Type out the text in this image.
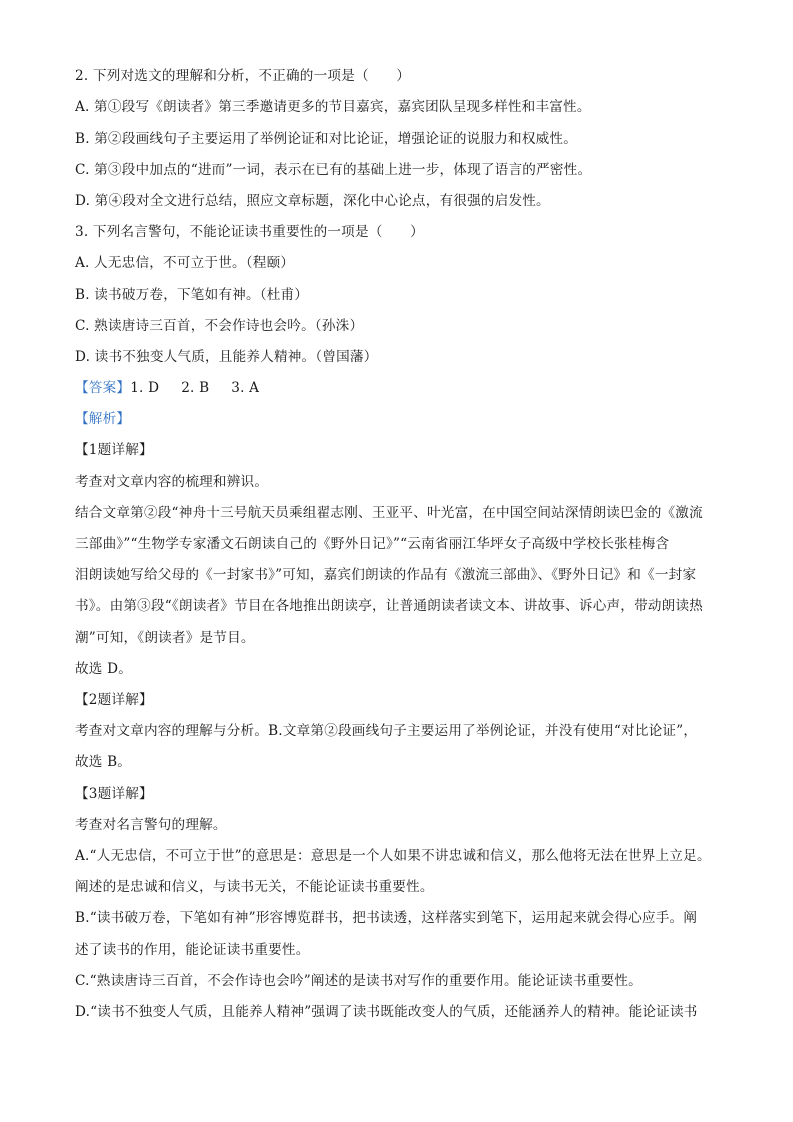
2. 下列对选文的理解和分析，不正确的一项是（　　）
A. 第①段写《朗读者》第三季邀请更多的节目嘉宾，嘉宾团队呈现多样性和丰富性。
B. 第②段画线句子主要运用了举例论证和对比论证，增强论证的说服力和权威性。
C. 第③段中加点的“进而”一词，表示在已有的基础上进一步，体现了语言的严密性。
D. 第④段对全文进行总结，照应文章标题，深化中心论点，有很强的启发性。
3. 下列名言警句，不能论证读书重要性的一项是（　　）
A. 人无忠信，不可立于世。（程颐）
B. 读书破万卷，下笔如有神。（杜甫）
C. 熟读唐诗三百首，不会作诗也会吟。（孙洙）
D. 读书不独变人气质，且能养人精神。（曾国藩）
【答案】1. D 2. B 3. A
【解析】
【1题详解】
考查对文章内容的梳理和辨识。
结合文章第②段“神舟十三号航天员乘组翟志刚、王亚平、叶光富，在中国空间站深情朗读巴金的《激流
三部曲》”“生物学专家潘文石朗读自己的《野外日记》”“云南省丽江华坪女子高级中学校长张桂梅含
泪朗读她写给父母的《一封家书》”可知，嘉宾们朗读的作品有《激流三部曲》、《野外日记》和《一封家
书》。由第③段“《朗读者》节目在各地推出朗读亭，让普通朗读者读文本、讲故事、诉心声，带动朗读热
潮”可知，《朗读者》是节目。
故选 D。
【2题详解】
考查对文章内容的理解与分析。B.文章第②段画线句子主要运用了举例论证，并没有使用“对比论证”，
故选 B。
【3题详解】
考查对名言警句的理解。
A.“人无忠信，不可立于世”的意思是：意思是一个人如果不讲忠诚和信义，那么他将无法在世界上立足。
阐述的是忠诚和信义，与读书无关，不能论证读书重要性。
B.“读书破万卷，下笔如有神”形容博览群书，把书读透，这样落实到笔下，运用起来就会得心应手。阐
述了读书的作用，能论证读书重要性。
C.“熟读唐诗三百首，不会作诗也会吟”阐述的是读书对写作的重要作用。能论证读书重要性。
D.“读书不独变人气质，且能养人精神”强调了读书既能改变人的气质，还能涵养人的精神。能论证读书
